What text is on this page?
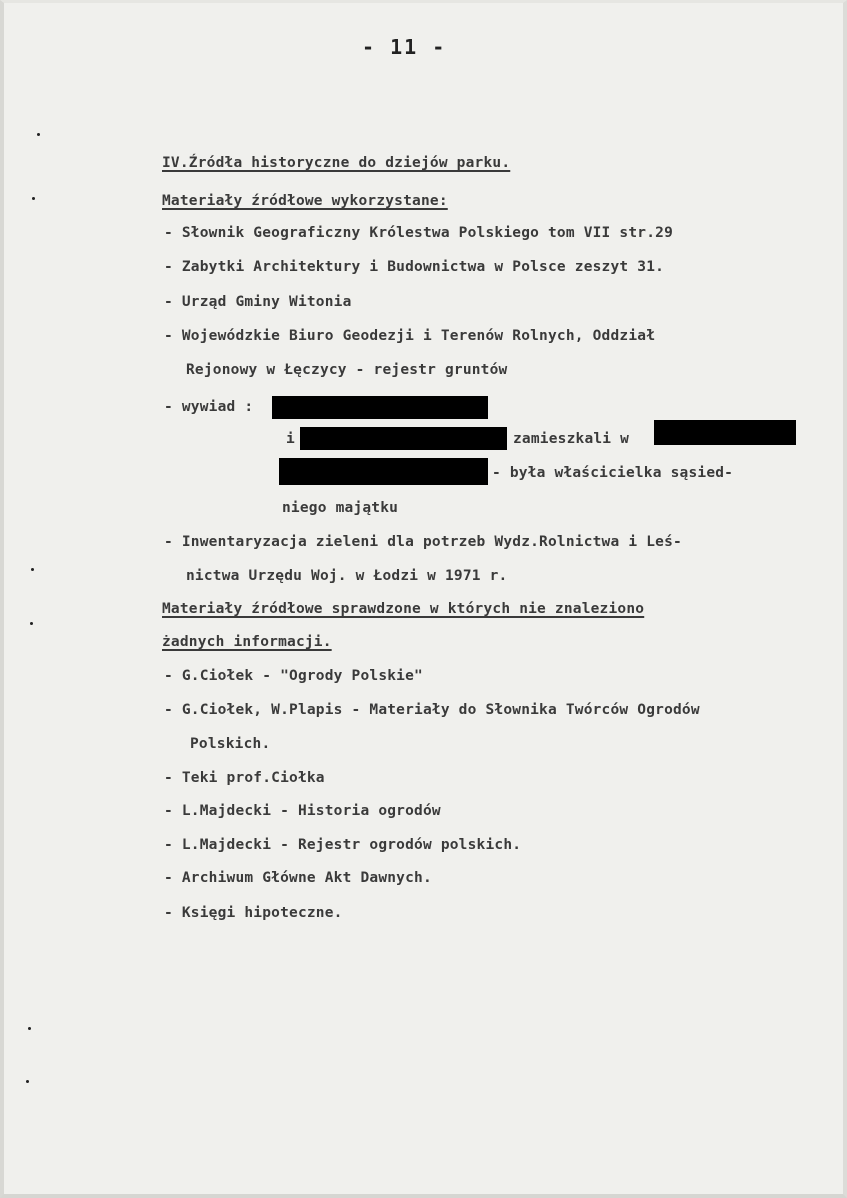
- 11 -
IV.Źródła historyczne do dziejów parku.
Materiały źródłowe wykorzystane:
- Słownik Geograficzny Królestwa Polskiego tom VII str.29
- Zabytki Architektury i Budownictwa w Polsce zeszyt 31.
- Urząd Gminy Witonia
- Wojewódzkie Biuro Geodezji i Terenów Rolnych, Oddział
Rejonowy w Łęczycy - rejestr gruntów
- wywiad :
i	zamieszkali w
- była właścicielka sąsied-
niego majątku
- Inwentaryzacja zieleni dla potrzeb Wydz.Rolnictwa i Leś-
nictwa Urzędu Woj. w Łodzi w 1971 r.
Materiały źródłowe sprawdzone w których nie znaleziono
żadnych informacji.
- G.Ciołek - "Ogrody Polskie"
- G.Ciołek, W.Plapis - Materiały do Słownika Twórców Ogrodów
Polskich.
- Teki prof.Ciołka
- L.Majdecki - Historia ogrodów
- L.Majdecki - Rejestr ogrodów polskich.
- Archiwum Główne Akt Dawnych.
- Księgi hipoteczne.
